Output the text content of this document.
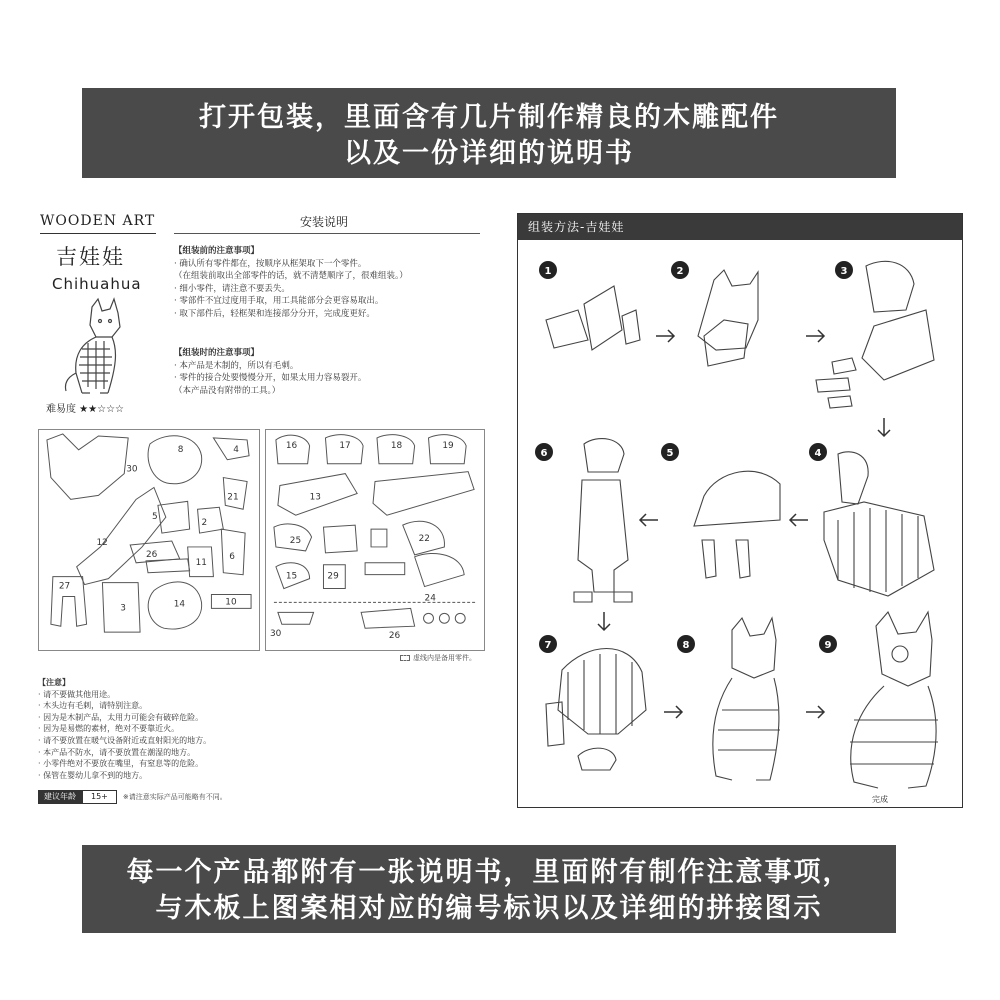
打开包装，里面含有几片制作精良的木雕配件
以及一份详细的说明书
WOODEN ART
吉娃娃
Chihuahua
难易度 ★★☆☆☆
安装说明
【组装前的注意事项】
· 确认所有零件都在，按顺序从框架取下一个零件。
（在组装前取出全部零件的话，就不清楚顺序了，很难组装。）
· 细小零件，请注意不要丢失。
· 零部件不宜过度用手取，用工具能部分会更容易取出。
· 取下部件后，轻框架和连接部分分开，完成度更好。
【组装时的注意事项】
· 本产品是木制的，所以有毛刺。
· 零件的接合处要慢慢分开，如果太用力容易裂开。
（本产品没有附带的工具。）
8	4
30
21
5
2
12
26
11
6
27
3	14	10
16	17	18	19
13
25	22
15	29
24
30	26
虚线内是备用零件。
【注意】
· 请不要做其他用途。
· 木头边有毛刺，请特别注意。
· 因为是木制产品，太用力可能会有破碎危险。
· 因为是易燃的素材，绝对不要靠近火。
· 请不要放置在暖气设备附近或直射阳光的地方。
· 本产品不防水，请不要放置在潮湿的地方。
· 小零件绝对不要放在嘴里，有窒息等的危险。
· 保管在婴幼儿拿不到的地方。
建议年龄	15+	※请注意实际产品可能略有不同。
组装方法-吉娃娃
1	2	3
4
5
6
7	8	9
完成
每一个产品都附有一张说明书，里面附有制作注意事项，
与木板上图案相对应的编号标识以及详细的拼接图示
